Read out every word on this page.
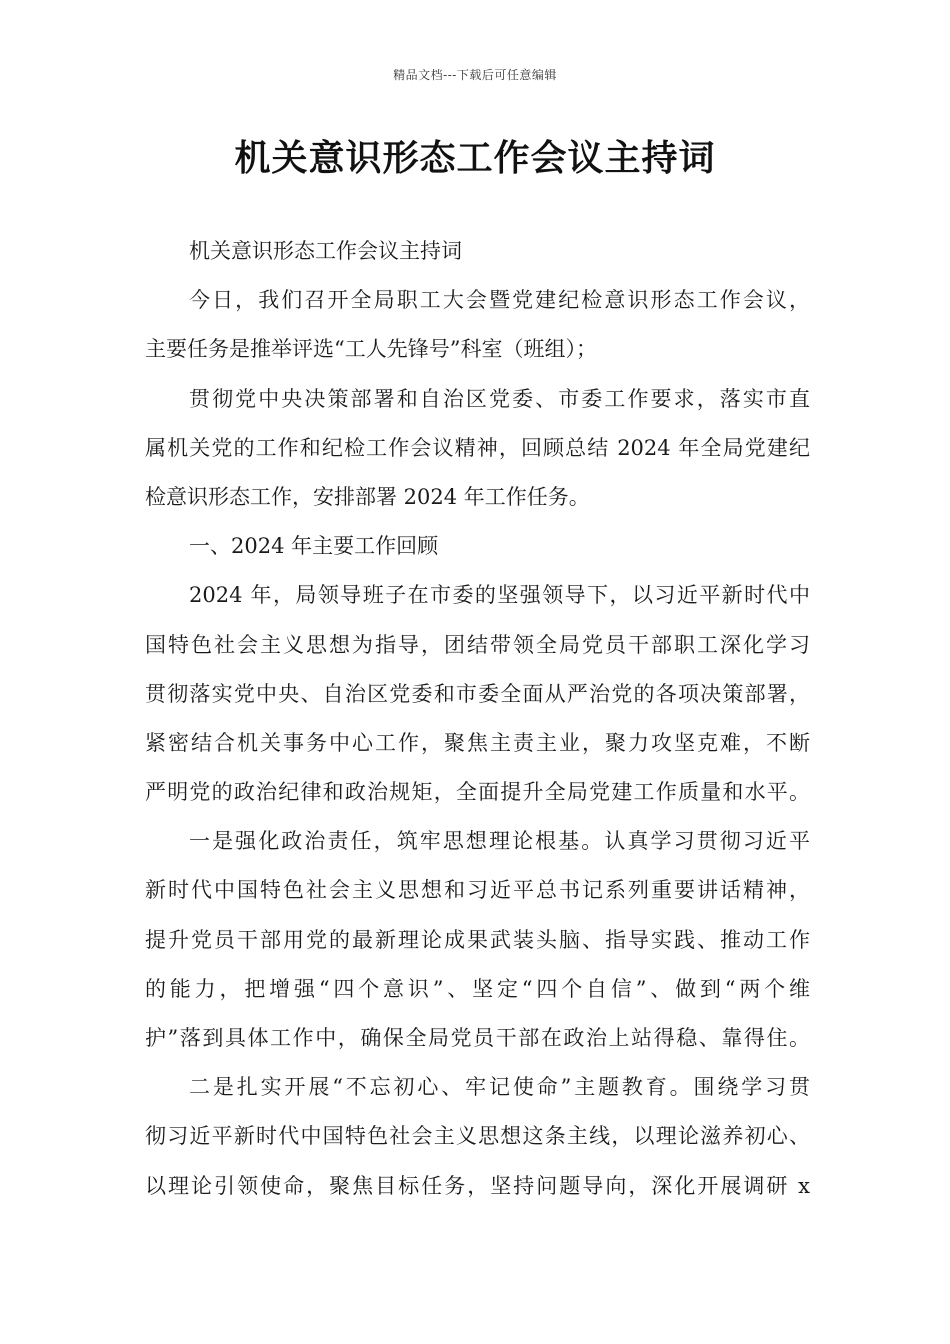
精品文档---下载后可任意编辑
机关意识形态工作会议主持词
机关意识形态工作会议主持词
今日，我们召开全局职工大会暨党建纪检意识形态工作会议，
主要任务是推举评选“工人先锋号”科室（班组）；
贯彻党中央决策部署和自治区党委、市委工作要求，落实市直
属机关党的工作和纪检工作会议精神，回顾总结 2024 年全局党建纪
检意识形态工作，安排部署 2024 年工作任务。
一、2024 年主要工作回顾
2024 年，局领导班子在市委的坚强领导下，以习近平新时代中
国特色社会主义思想为指导，团结带领全局党员干部职工深化学习
贯彻落实党中央、自治区党委和市委全面从严治党的各项决策部署，
紧密结合机关事务中心工作，聚焦主责主业，聚力攻坚克难，不断
严明党的政治纪律和政治规矩，全面提升全局党建工作质量和水平。
一是强化政治责任，筑牢思想理论根基。认真学习贯彻习近平
新时代中国特色社会主义思想和习近平总书记系列重要讲话精神，
提升党员干部用党的最新理论成果武装头脑、指导实践、推动工作
的能力，把增强“四个意识”、坚定“四个自信”、做到“两个维
护”落到具体工作中，确保全局党员干部在政治上站得稳、靠得住。
二是扎实开展“不忘初心、牢记使命”主题教育。围绕学习贯
彻习近平新时代中国特色社会主义思想这条主线，以理论滋养初心、
以理论引领使命，聚焦目标任务，坚持问题导向，深化开展调研 x
